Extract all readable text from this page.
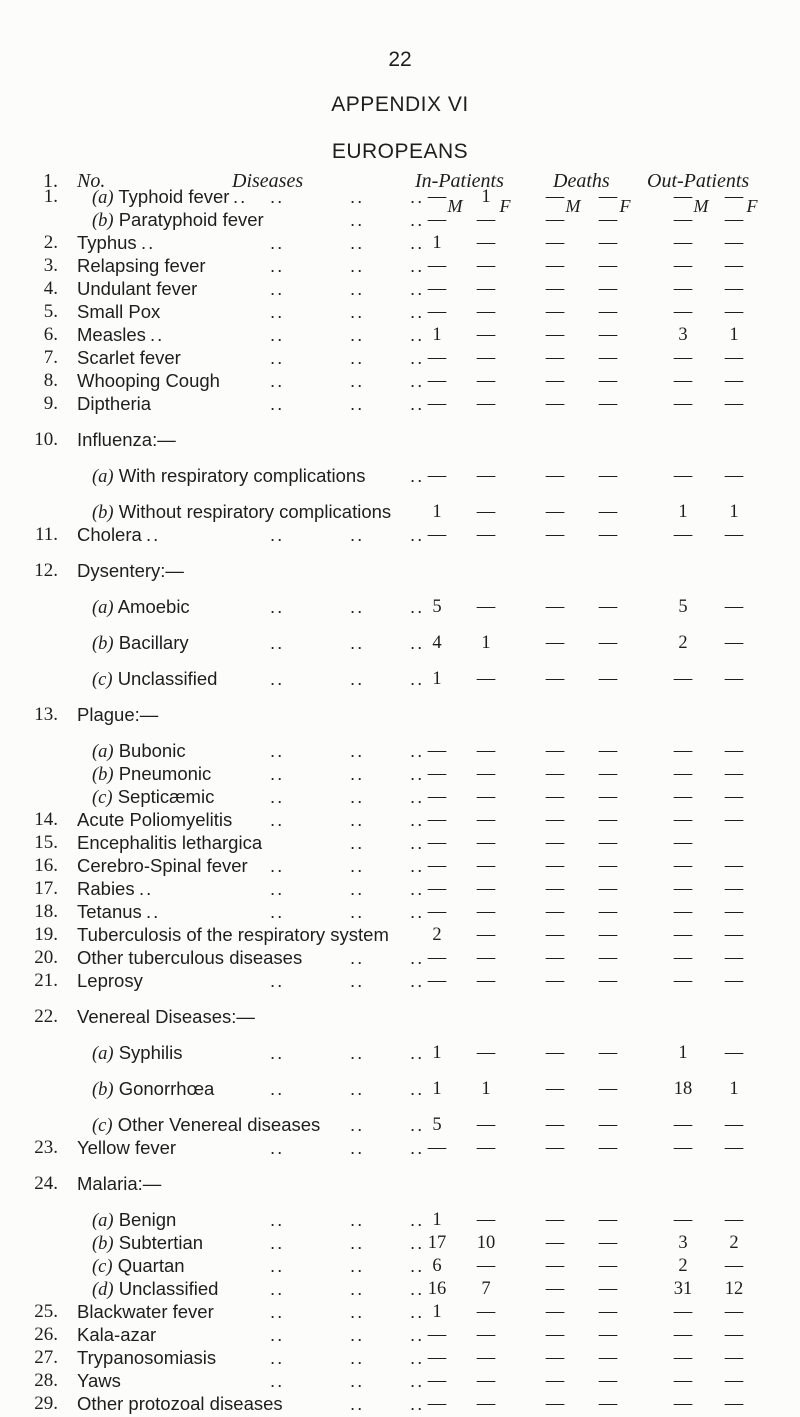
22
APPENDIX VI
EUROPEANS
1. No.	Diseases	In-Patients Deaths Out-Patients
M	F	M	F	M	F
..	.. ..
..
1. (a) Typhoid fever	—	1	—	—	—	—
.. ..
(b) Paratyphoid fever	—	—	—	—	—	—
..	.. ..
..
2. Typhus	1	—	—	—	—	—
..	.. ..
3. Relapsing fever	—	—	—	—	—	—
..	.. ..
4. Undulant fever	—	—	—	—	—	—
..	.. ..
5. Small Pox	—	—	—	—	—	—
..	.. ..
..
6. Measles	1	—	—	—	3	1
..	.. ..
7. Scarlet fever	—	—	—	—	—	—
..	.. ..
8. Whooping Cough	—	—	—	—	—	—
..	.. ..
9. Diptheria	—	—	—	—	—	—
10. Influenza:—
..
(a) With respiratory complications	—	—	—	—	—	—
(b) Without respiratory complications	1	—	—	—	1	1
..	.. ..
..
11. Cholera	—	—	—	—	—	—
12. Dysentery:—
..	.. ..
(a) Amoebic	5	—	—	—	5	—
..	.. ..
(b) Bacillary	4	1	—	—	2	—
..	.. ..
(c) Unclassified	1	—	—	—	—	—
13. Plague:—
..	.. ..
(a) Bubonic	—	—	—	—	—	—
..	.. ..
(b) Pneumonic	—	—	—	—	—	—
..	.. ..
(c) Septicæmic	—	—	—	—	—	—
..	.. ..
14. Acute Poliomyelitis	—	—	—	—	—	—
.. ..
15. Encephalitis lethargica	—	—	—	—	—
..	.. ..
16. Cerebro-Spinal fever	—	—	—	—	—	—
..	.. ..
..
17. Rabies	—	—	—	—	—	—
..	.. ..
..
18. Tetanus	—	—	—	—	—	—
19. Tuberculosis of the respiratory system	2	—	—	—	—	—
.. ..
20. Other tuberculous diseases	—	—	—	—	—	—
..	.. ..
21. Leprosy	—	—	—	—	—	—
22. Venereal Diseases:—
..	.. ..
(a) Syphilis	1	—	—	—	1	—
..	.. ..
(b) Gonorrhœa	1	1	—	—	18	1
.. ..
(c) Other Venereal diseases	5	—	—	—	—	—
..	.. ..
23. Yellow fever	—	—	—	—	—	—
24. Malaria:—
..	.. ..
(a) Benign	1	—	—	—	—	—
..	.. ..
(b) Subtertian	17	10	—	—	3	2
..	.. ..
(c) Quartan	6	—	—	—	2	—
..	.. ..
(d) Unclassified	16	7	—	—	31	12
..	.. ..
25. Blackwater fever	1	—	—	—	—	—
..	.. ..
26. Kala-azar	—	—	—	—	—	—
..	.. ..
27. Trypanosomiasis	—	—	—	—	—	—
..	.. ..
28. Yaws	—	—	—	—	—	—
.. ..
29. Other protozoal diseases	—	—	—	—	—	—
